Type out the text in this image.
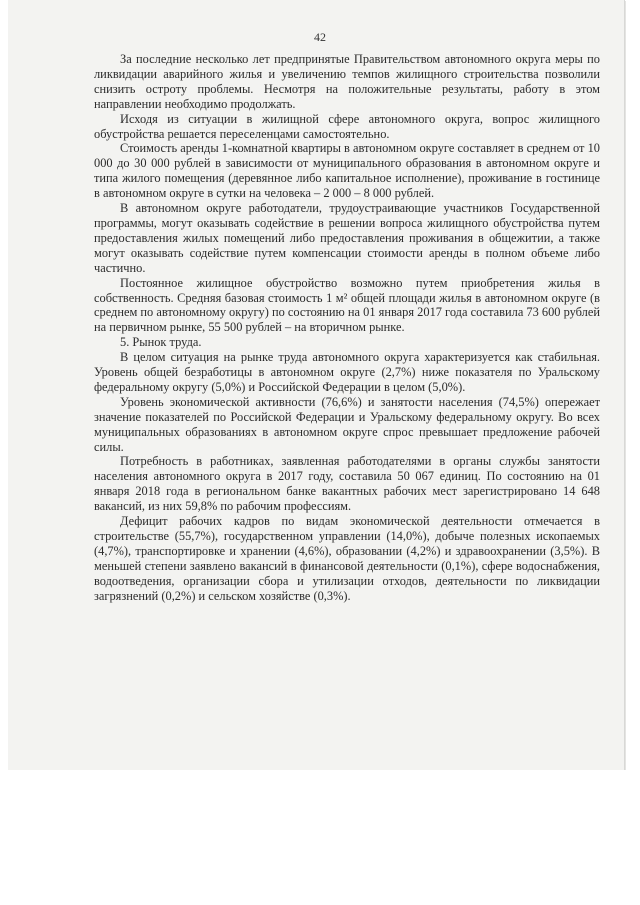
42

За последние несколько лет предпринятые Правительством автономного округа меры по ликвидации аварийного жилья и увеличению темпов жилищного строительства позволили снизить остроту проблемы. Несмотря на положительные результаты, работу в этом направлении необходимо продолжать.

Исходя из ситуации в жилищной сфере автономного округа, вопрос жилищного обустройства решается переселенцами самостоятельно.

Стоимость аренды 1-комнатной квартиры в автономном округе составляет в среднем от 10 000 до 30 000 рублей в зависимости от муниципального образования в автономном округе и типа жилого помещения (деревянное либо капитальное исполнение), проживание в гостинице в автономном округе в сутки на человека – 2 000 – 8 000 рублей.

В автономном округе работодатели, трудоустраивающие участников Государственной программы, могут оказывать содействие в решении вопроса жилищного обустройства путем предоставления жилых помещений либо предоставления проживания в общежитии, а также могут оказывать содействие путем компенсации стоимости аренды в полном объеме либо частично.

Постоянное жилищное обустройство возможно путем приобретения жилья в собственность. Средняя базовая стоимость 1 м² общей площади жилья в автономном округе (в среднем по автономному округу) по состоянию на 01 января 2017 года составила 73 600 рублей на первичном рынке, 55 500 рублей – на вторичном рынке.

5. Рынок труда.

В целом ситуация на рынке труда автономного округа характеризуется как стабильная. Уровень общей безработицы в автономном округе (2,7%) ниже показателя по Уральскому федеральному округу (5,0%) и Российской Федерации в целом (5,0%).

Уровень экономической активности (76,6%) и занятости населения (74,5%) опережает значение показателей по Российской Федерации и Уральскому федеральному округу. Во всех муниципальных образованиях в автономном округе спрос превышает предложение рабочей силы.

Потребность в работниках, заявленная работодателями в органы службы занятости населения автономного округа в 2017 году, составила 50 067 единиц. По состоянию на 01 января 2018 года в региональном банке вакантных рабочих мест зарегистрировано 14 648 вакансий, из них 59,8% по рабочим профессиям.

Дефицит рабочих кадров по видам экономической деятельности отмечается в строительстве (55,7%), государственном управлении (14,0%), добыче полезных ископаемых (4,7%), транспортировке и хранении (4,6%), образовании (4,2%) и здравоохранении (3,5%). В меньшей степени заявлено вакансий в финансовой деятельности (0,1%), сфере водоснабжения, водоотведения, организации сбора и утилизации отходов, деятельности по ликвидации загрязнений (0,2%) и сельском хозяйстве (0,3%).
